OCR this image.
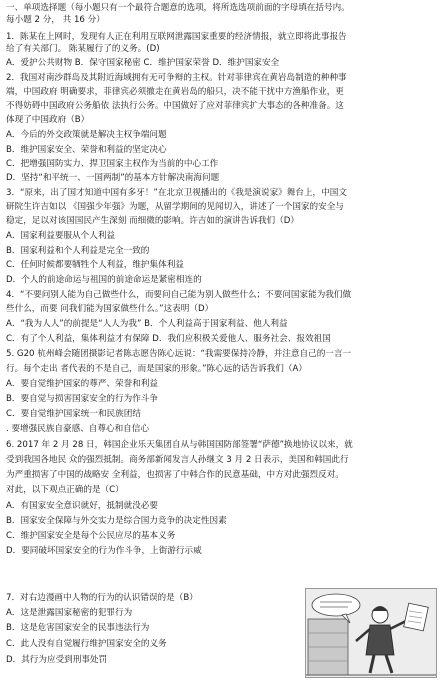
一、单项选择题（每小题只有一个最符合题意的选项，将所选选项前面的字母填在括号内。
每小题 2 分， 共 16 分）
1．陈某在上网时，发现有人正在利用互联网泄露国家重要的经济情报，就立即将此事报告
给了有关部门。 陈某履行了的义务。(D)
A．爱护公共财物 B．保守国家秘密 C．维护国家荣誉 D．维护国家安全
2．我国对南沙群岛及其附近海域拥有无可争辩的主权。针对菲律宾在黄岩岛制造的种种事
端，中国政府 明确要求，菲律宾必须撤走在黄岩岛的船只，决不能干扰中方渔船作业，更
不得妨碍中国政府公务船依 法执行公务。中国做好了应对菲律宾扩大事态的各种准备。这
体现了中国政府（B）
A．今后的外交政策就是解决主权争端问题
B．维护国家安全、荣誉和利益的坚定决心
C．把增强国防实力、捍卫国家主权作为当前的中心工作
D．坚持“和平统一、一国两制”的基本方针解决南海问题
3．“原来，出了国才知道中国有多牙！”在北京卫视播出的《我是演说家》舞台上，中国文
研院生许吉如以 《国强少年强》为题，从留学期间的见闻切入，讲述了一个国家的安全与
稳定，足以对该国国民产生深刻 而细微的影响。许吉如的演讲告诉我们（D）
A．国家利益要服从个人利益
B．国家利益和个人利益是完全一致的
C．任何时候都要牺牲个人利益，维护集体利益
D．个人的前途命运与祖国的前途命运是紧密相连的
4．“不要问别人能为自己做些什么，而要问自己能为别人做些什么；不要问国家能为我们做
些什么，而要 问我们能为国家做些什么。”这表明（D）
A．“我为人人”的前提是“人人为我” B．个人利益高于国家利益、他人利益
C．有了个人利益，集体利益才有保障 D．我们应积极关爱他人、服务社会、报效祖国
5. G20 杭州峰会随团摄影记者陈志愿告陈心远说：“我需要保持冷静，并注意自己的一言一
行。每个走出 者代表的不是自己，而是国家的形象。”陈心远的话告诉我们（A）
A．要自觉维护国家的尊严、荣誉和利益
B．要自觉与损害国家安全的行为作斗争
C．要自觉维护国家统一和民族团结
. 要增强民族自豪感、自尊心和自信心
6. 2017 年 2 月 28 日，韩国企业乐天集团自从与韩国国防部签署“萨德”换地协议以来，就
受到我国各地民 众的强烈抵制。商务部新闻发言人孙继文 3 月 2 日表示，美国和韩国此行
为严重损害了中国的战略安 全利益，也损害了中韩合作的民意基础，中方对此强烈反对。
对此，以下观点正确的是（C）
A．有国家安全意识就好，抵制就没必要
B．国家安全保障与外交实力是综合国力竞争的决定性因素
C．维护国家安全是每个公民应尽的基本义务
D．要同破坏国家安全的行为作斗争，上街游行示威
7．对右边漫画中人物的行为的认识错误的是（B）
A．这是泄露国家秘密的犯罪行为
B．这是危害国家安全的民事违法行为
C．此人没有自觉履行维护国家安全的义务
D．其行为应受到刑事处罚
